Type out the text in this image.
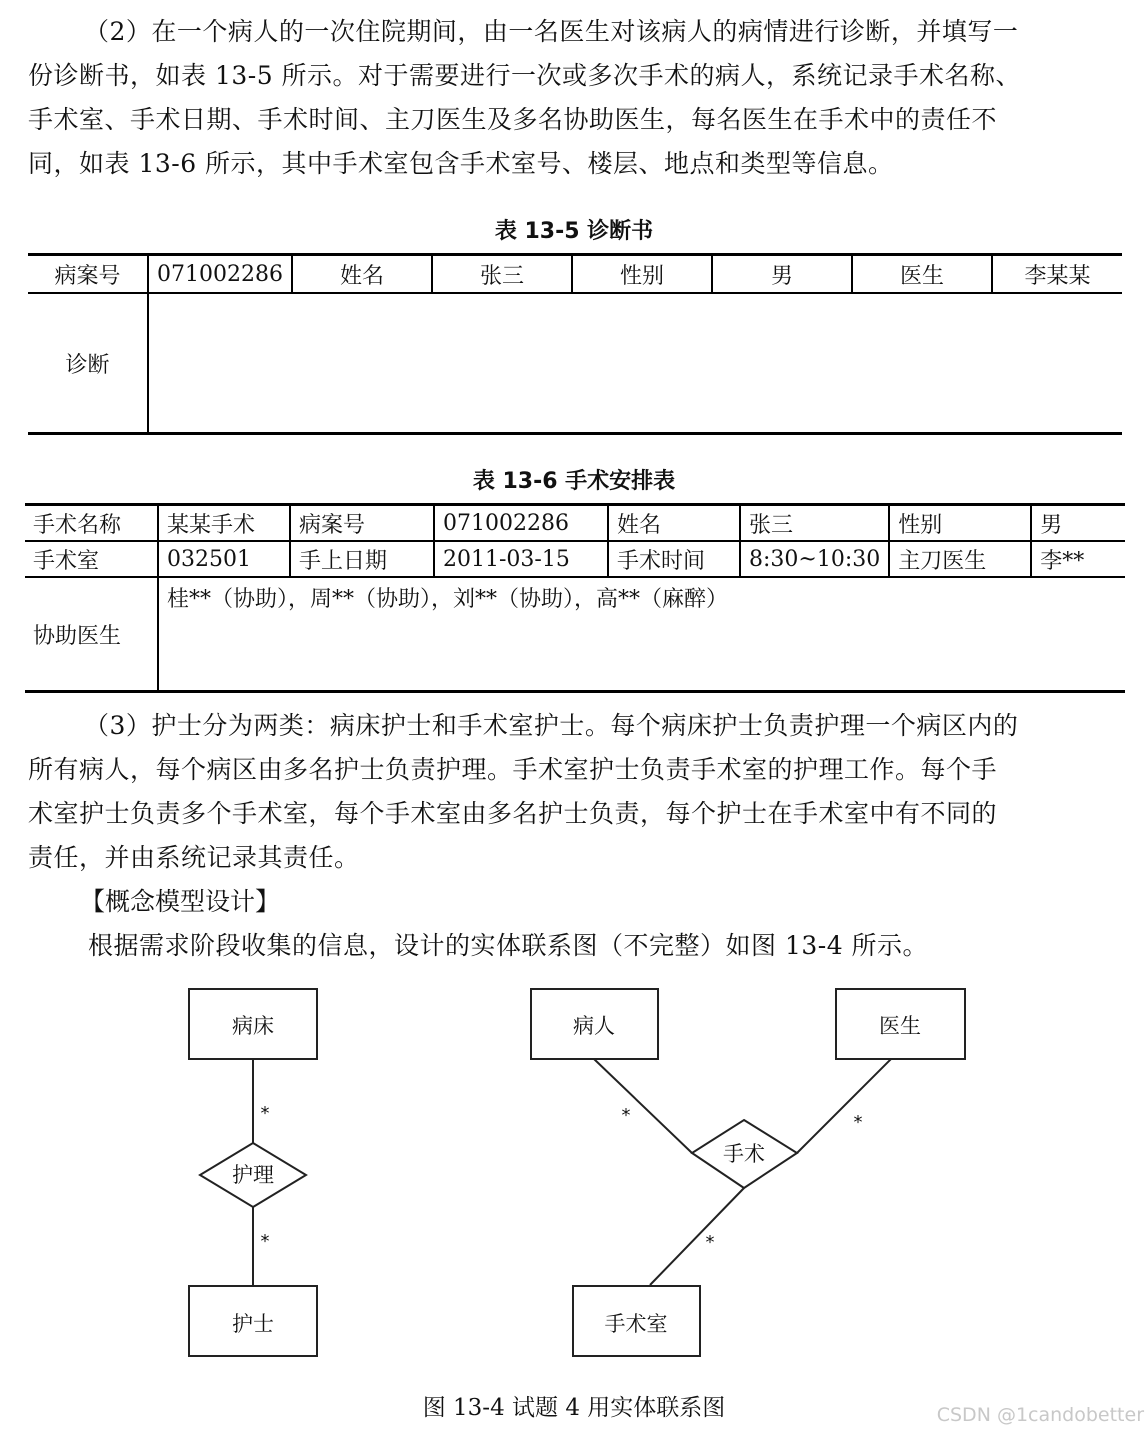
（2）在一个病人的一次住院期间，由一名医生对该病人的病情进行诊断，并填写一
份诊断书，如表 13-5 所示。对于需要进行一次或多次手术的病人，系统记录手术名称、
手术室、手术日期、手术时间、主刀医生及多名协助医生，每名医生在手术中的责任不
同，如表 13-6 所示，其中手术室包含手术室号、楼层、地点和类型等信息。
表 13-5 诊断书
病案号	071002286	姓名	张三	性别	男	医生	李某某
诊断							
表 13-6 手术安排表
手术名称	某某手术	病案号	071002286	姓名	张三	性别	男
手术室	032501	手上日期	2011-03-15	手术时间	8:30~10:30	主刀医生	李**
协助医生	桂**（协助），周**（协助），刘**（协助），高**（麻醉）						
（3）护士分为两类：病床护士和手术室护士。每个病床护士负责护理一个病区内的
所有病人，每个病区由多名护士负责护理。手术室护士负责手术室的护理工作。每个手
术室护士负责多个手术室，每个手术室由多名护士负责，每个护士在手术室中有不同的
责任，并由系统记录其责任。
【概念模型设计】
根据需求阶段收集的信息，设计的实体联系图（不完整）如图 13-4 所示。
病床
护士
病人	医生
手术室
护理
手术
*
*
*	*
*
图 13-4 试题 4 用实体联系图	CSDN @1candobetter
